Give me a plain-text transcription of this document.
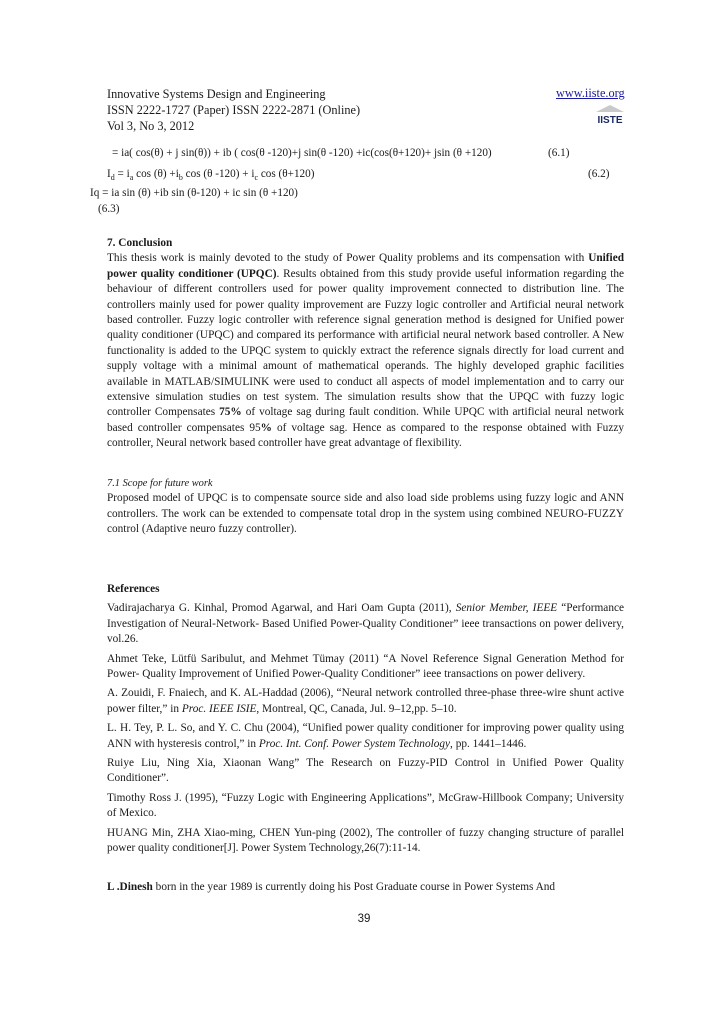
Innovative Systems Design and Engineering
ISSN 2222-1727 (Paper) ISSN 2222-2871 (Online)
Vol 3, No 3, 2012
www.iiste.org
IISTE
= ia( cos(θ) + j sin(θ)) + ib ( cos(θ -120)+j sin(θ -120) +ic(cos(θ+120)+ jsin (θ +120)	(6.1)
$I_d = i_a$ $\cos (\theta) +i_b$ cos (θ $-120) + i_c$ cos (θ+120)	(6.2)
Iq = ia sin (θ) +ib sin (θ-120) + ic sin (θ +120)
(6.3)
7. Conclusion
This thesis work is mainly devoted to the study of Power Quality problems and its compensation with Unified power quality conditioner (UPQC). Results obtained from this study provide useful information regarding the behaviour of different controllers used for power quality improvement connected to distribution line. The controllers mainly used for power quality improvement are Fuzzy logic controller and Artificial neural network based controller. Fuzzy logic controller with reference signal generation method is designed for Unified power quality conditioner (UPQC) and compared its performance with artificial neural network based controller. A New functionality is added to the UPQC system to quickly extract the reference signals directly for load current and supply voltage with a minimal amount of mathematical operands. The highly developed graphic facilities available in MATLAB/SIMULINK were used to conduct all aspects of model implementation and to carry our extensive simulation studies on test system. The simulation results show that the UPQC with fuzzy logic controller Compensates 75% of voltage sag during fault condition. While UPQC with artificial neural network based controller compensates 95% of voltage sag. Hence as compared to the response obtained with Fuzzy controller, Neural network based controller have great advantage of flexibility.
7.1 Scope for future work
Proposed model of UPQC is to compensate source side and also load side problems using fuzzy logic and ANN controllers. The work can be extended to compensate total drop in the system using combined NEURO-FUZZY control (Adaptive neuro fuzzy controller).
References

Vadirajacharya G. Kinhal, Promod Agarwal, and Hari Oam Gupta (2011), Senior Member, IEEE “Performance Investigation of Neural-Network- Based Unified Power-Quality Conditioner” ieee transactions on power delivery, vol.26.

Ahmet Teke, Lütfü Saribulut, and Mehmet Tümay (2011) “A Novel Reference Signal Generation Method for Power- Quality Improvement of Unified Power-Quality Conditioner” ieee transactions on power delivery.

A. Zouidi, F. Fnaiech, and K. AL-Haddad (2006), “Neural network controlled three-phase three-wire shunt active power filter,” in Proc. IEEE ISIE, Montreal, QC, Canada, Jul. 9–12,pp. 5–10.

L. H. Tey, P. L. So, and Y. C. Chu (2004), “Unified power quality conditioner for improving power quality using ANN with hysteresis control,” in Proc. Int. Conf. Power System Technology, pp. 1441–1446.

Ruiye Liu, Ning Xia, Xiaonan Wang” The Research on Fuzzy-PID Control in Unified Power Quality Conditioner”.

Timothy Ross J. (1995), “Fuzzy Logic with Engineering Applications”, McGraw-Hillbook Company; University of Mexico.

HUANG Min, ZHA Xiao-ming, CHEN Yun-ping (2002), The controller of fuzzy changing structure of parallel power quality conditioner[J]. Power System Technology,26(7):11-14.

L .Dinesh born in the year 1989 is currently doing his Post Graduate course in Power Systems And
39
